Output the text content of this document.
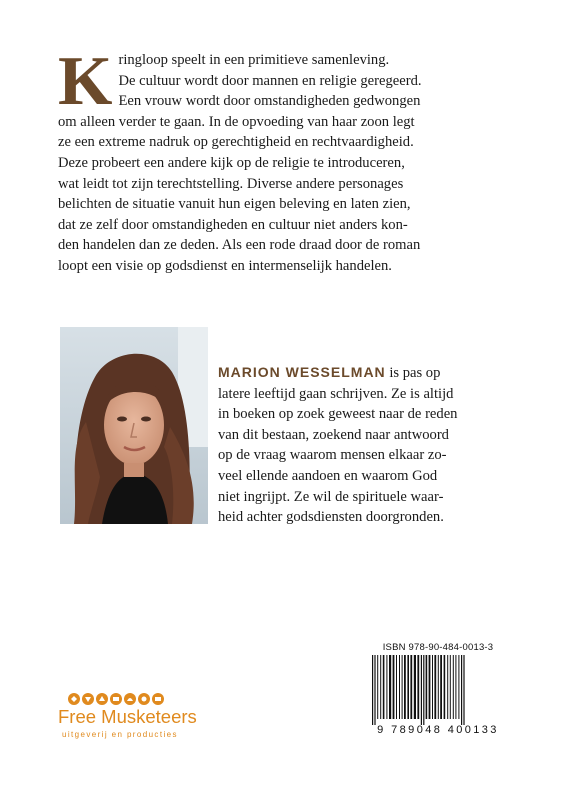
Kringloop speelt in een primitieve samenleving.
De cultuur wordt door mannen en religie geregeerd.
Een vrouw wordt door omstandigheden gedwongen
om alleen verder te gaan. In de opvoeding van haar zoon legt
ze een extreme nadruk op gerechtigheid en rechtvaardigheid.
Deze probeert een andere kijk op de religie te introduceren,
wat leidt tot zijn terechtstelling. Diverse andere personages
belichten de situatie vanuit hun eigen beleving en laten zien,
dat ze zelf door omstandigheden en cultuur niet anders kon-
den handelen dan ze deden. Als een rode draad door de roman
loopt een visie op godsdienst en intermenselijk handelen.
MARION WESSELMAN is pas op
latere leeftijd gaan schrijven. Ze is altijd
in boeken op zoek geweest naar de reden
van dit bestaan, zoekend naar antwoord
op de vraag waarom mensen elkaar zo-
veel ellende aandoen en waarom God
niet ingrijpt. Ze wil de spirituele waar-
heid achter godsdiensten doorgronden.
ISBN 978-90-484-0013-3
9 789048 400133
Free Musketeers
uitgeverij en producties
